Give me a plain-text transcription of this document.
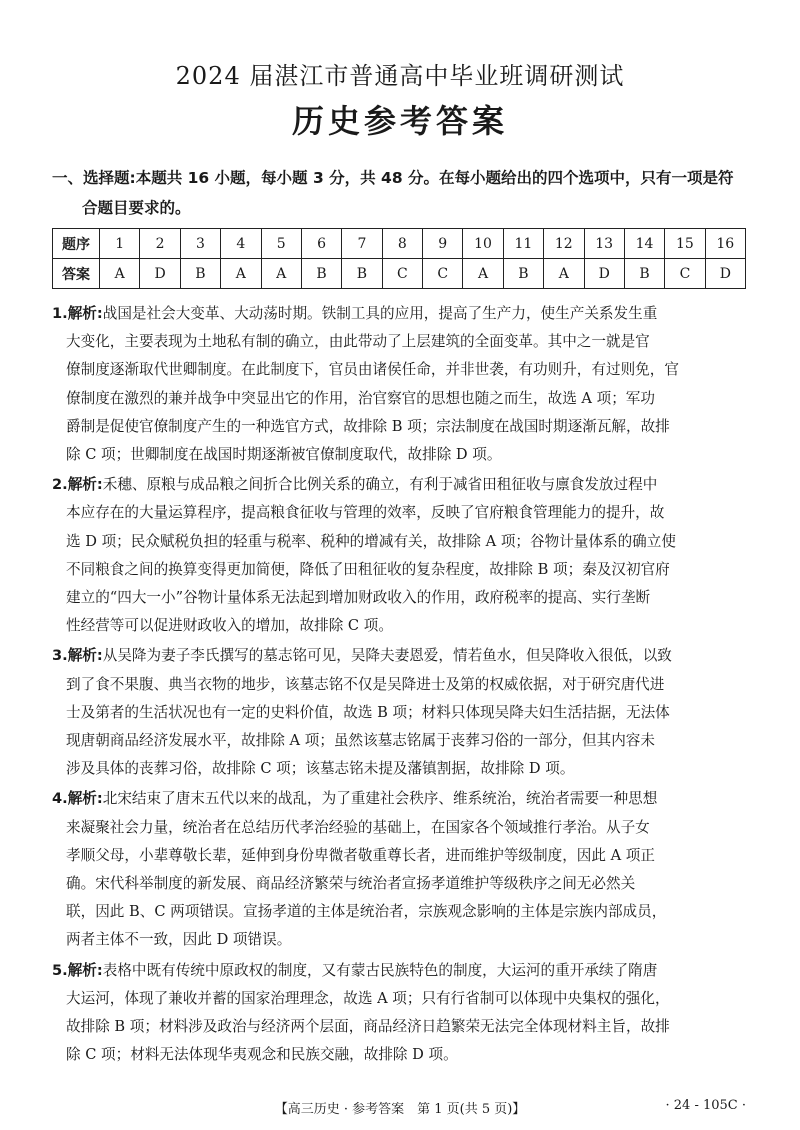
2024 届湛江市普通高中毕业班调研测试
历史参考答案
一、选择题:本题共 16 小题，每小题 3 分，共 48 分。在每小题给出的四个选项中，只有一项是符
合题目要求的。
题序	1	2	3	4	5	6	7	8	9	10	11	12	13	14	15	16
答案	A	D	B	A	A	B	B	C	C	A	B	A	D	B	C	D
1.解析:战国是社会大变革、大动荡时期。铁制工具的应用，提高了生产力，使生产关系发生重
大变化，主要表现为土地私有制的确立，由此带动了上层建筑的全面变革。其中之一就是官
僚制度逐渐取代世卿制度。在此制度下，官员由诸侯任命，并非世袭，有功则升，有过则免，官
僚制度在激烈的兼并战争中突显出它的作用，治官察官的思想也随之而生，故选 A 项；军功
爵制是促使官僚制度产生的一种选官方式，故排除 B 项；宗法制度在战国时期逐渐瓦解，故排
除 C 项；世卿制度在战国时期逐渐被官僚制度取代，故排除 D 项。
2.解析:禾穗、原粮与成品粮之间折合比例关系的确立，有利于减省田租征收与廪食发放过程中
本应存在的大量运算程序，提高粮食征收与管理的效率，反映了官府粮食管理能力的提升，故
选 D 项；民众赋税负担的轻重与税率、税种的增减有关，故排除 A 项；谷物计量体系的确立使
不同粮食之间的换算变得更加简便，降低了田租征收的复杂程度，故排除 B 项；秦及汉初官府
建立的“四大一小”谷物计量体系无法起到增加财政收入的作用，政府税率的提高、实行垄断
性经营等可以促进财政收入的增加，故排除 C 项。
3.解析:从吴降为妻子李氏撰写的墓志铭可见，吴降夫妻恩爱，情若鱼水，但吴降收入很低，以致
到了食不果腹、典当衣物的地步，该墓志铭不仅是吴降进士及第的权威依据，对于研究唐代进
士及第者的生活状况也有一定的史料价值，故选 B 项；材料只体现吴降夫妇生活拮据，无法体
现唐朝商品经济发展水平，故排除 A 项；虽然该墓志铭属于丧葬习俗的一部分，但其内容未
涉及具体的丧葬习俗，故排除 C 项；该墓志铭未提及藩镇割据，故排除 D 项。
4.解析:北宋结束了唐末五代以来的战乱，为了重建社会秩序、维系统治，统治者需要一种思想
来凝聚社会力量，统治者在总结历代孝治经验的基础上，在国家各个领域推行孝治。从子女
孝顺父母，小辈尊敬长辈，延伸到身份卑微者敬重尊长者，进而维护等级制度，因此 A 项正
确。宋代科举制度的新发展、商品经济繁荣与统治者宣扬孝道维护等级秩序之间无必然关
联，因此 B、C 两项错误。宣扬孝道的主体是统治者，宗族观念影响的主体是宗族内部成员，
两者主体不一致，因此 D 项错误。
5.解析:表格中既有传统中原政权的制度，又有蒙古民族特色的制度，大运河的重开承续了隋唐
大运河，体现了兼收并蓄的国家治理理念，故选 A 项；只有行省制可以体现中央集权的强化，
故排除 B 项；材料涉及政治与经济两个层面，商品经济日趋繁荣无法完全体现材料主旨，故排
除 C 项；材料无法体现华夷观念和民族交融，故排除 D 项。
【高三历史 · 参考答案　第 1 页(共 5 页)】	· 24 - 105C ·
